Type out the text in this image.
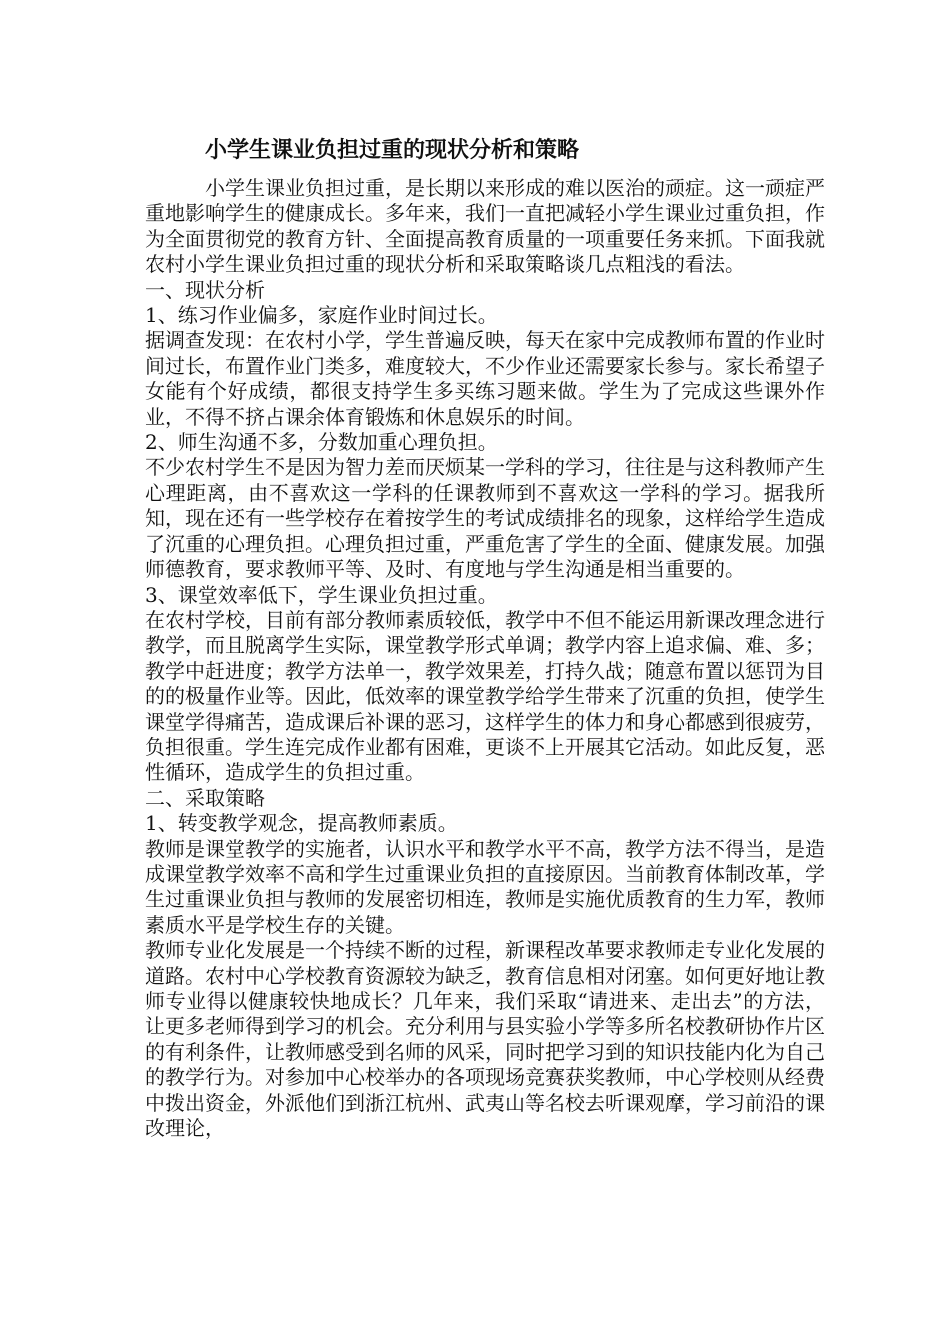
小学生课业负担过重的现状分析和策略

小学生课业负担过重，是长期以来形成的难以医治的顽症。这一顽症严重地影响学生的健康成长。多年来，我们一直把减轻小学生课业过重负担，作为全面贯彻党的教育方针、全面提高教育质量的一项重要任务来抓。下面我就农村小学生课业负担过重的现状分析和采取策略谈几点粗浅的看法。

一、现状分析

1、练习作业偏多，家庭作业时间过长。

据调查发现：在农村小学，学生普遍反映，每天在家中完成教师布置的作业时间过长，布置作业门类多，难度较大，不少作业还需要家长参与。家长希望子女能有个好成绩，都很支持学生多买练习题来做。学生为了完成这些课外作业，不得不挤占课余体育锻炼和休息娱乐的时间。

2、师生沟通不多，分数加重心理负担。

不少农村学生不是因为智力差而厌烦某一学科的学习，往往是与这科教师产生心理距离，由不喜欢这一学科的任课教师到不喜欢这一学科的学习。据我所知，现在还有一些学校存在着按学生的考试成绩排名的现象，这样给学生造成了沉重的心理负担。心理负担过重，严重危害了学生的全面、健康发展。加强师德教育，要求教师平等、及时、有度地与学生沟通是相当重要的。

3、课堂效率低下，学生课业负担过重。

在农村学校，目前有部分教师素质较低，教学中不但不能运用新课改理念进行教学，而且脱离学生实际，课堂教学形式单调；教学内容上追求偏、难、多；教学中赶进度；教学方法单一，教学效果差，打持久战；随意布置以惩罚为目的的极量作业等。因此，低效率的课堂教学给学生带来了沉重的负担，使学生课堂学得痛苦，造成课后补课的恶习，这样学生的体力和身心都感到很疲劳，负担很重。学生连完成作业都有困难，更谈不上开展其它活动。如此反复，恶性循环，造成学生的负担过重。

二、采取策略

1、转变教学观念，提高教师素质。

教师是课堂教学的实施者，认识水平和教学水平不高，教学方法不得当，是造成课堂教学效率不高和学生过重课业负担的直接原因。当前教育体制改革，学生过重课业负担与教师的发展密切相连，教师是实施优质教育的生力军，教师素质水平是学校生存的关键。

教师专业化发展是一个持续不断的过程，新课程改革要求教师走专业化发展的道路。农村中心学校教育资源较为缺乏，教育信息相对闭塞。如何更好地让教师专业得以健康较快地成长？几年来，我们采取“请进来、走出去”的方法，让更多老师得到学习的机会。充分利用与县实验小学等多所名校教研协作片区的有利条件，让教师感受到名师的风采，同时把学习到的知识技能内化为自己的教学行为。对参加中心校举办的各项现场竞赛获奖教师，中心学校则从经费中拨出资金，外派他们到浙江杭州、武夷山等名校去听课观摩，学习前沿的课改理论，
